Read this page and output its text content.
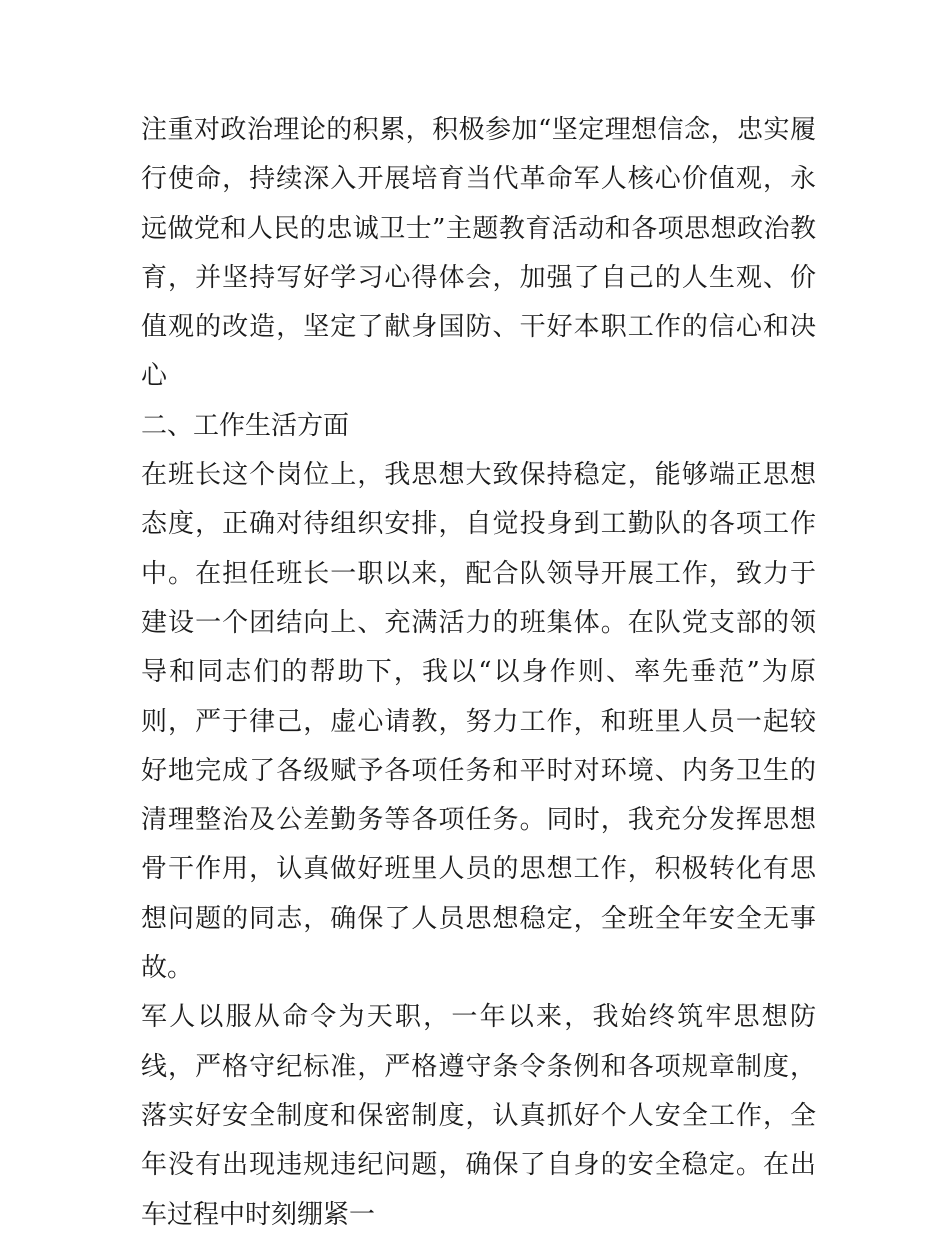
注重对政治理论的积累，积极参加“坚定理想信念，忠实履行使命，持续深入开展培育当代革命军人核心价值观，永远做党和人民的忠诚卫士”主题教育活动和各项思想政治教育，并坚持写好学习心得体会，加强了自己的人生观、价值观的改造，坚定了献身国防、干好本职工作的信心和决心

二、工作生活方面

在班长这个岗位上，我思想大致保持稳定，能够端正思想态度，正确对待组织安排，自觉投身到工勤队的各项工作中。在担任班长一职以来，配合队领导开展工作，致力于建设一个团结向上、充满活力的班集体。在队党支部的领导和同志们的帮助下，我以“以身作则、率先垂范”为原则，严于律己，虚心请教，努力工作，和班里人员一起较好地完成了各级赋予各项任务和平时对环境、内务卫生的清理整治及公差勤务等各项任务。同时，我充分发挥思想骨干作用，认真做好班里人员的思想工作，积极转化有思想问题的同志，确保了人员思想稳定，全班全年安全无事故。

军人以服从命令为天职，一年以来，我始终筑牢思想防线，严格守纪标准，严格遵守条令条例和各项规章制度，落实好安全制度和保密制度，认真抓好个人安全工作，全年没有出现违规违纪问题，确保了自身的安全稳定。在出车过程中时刻绷紧一
